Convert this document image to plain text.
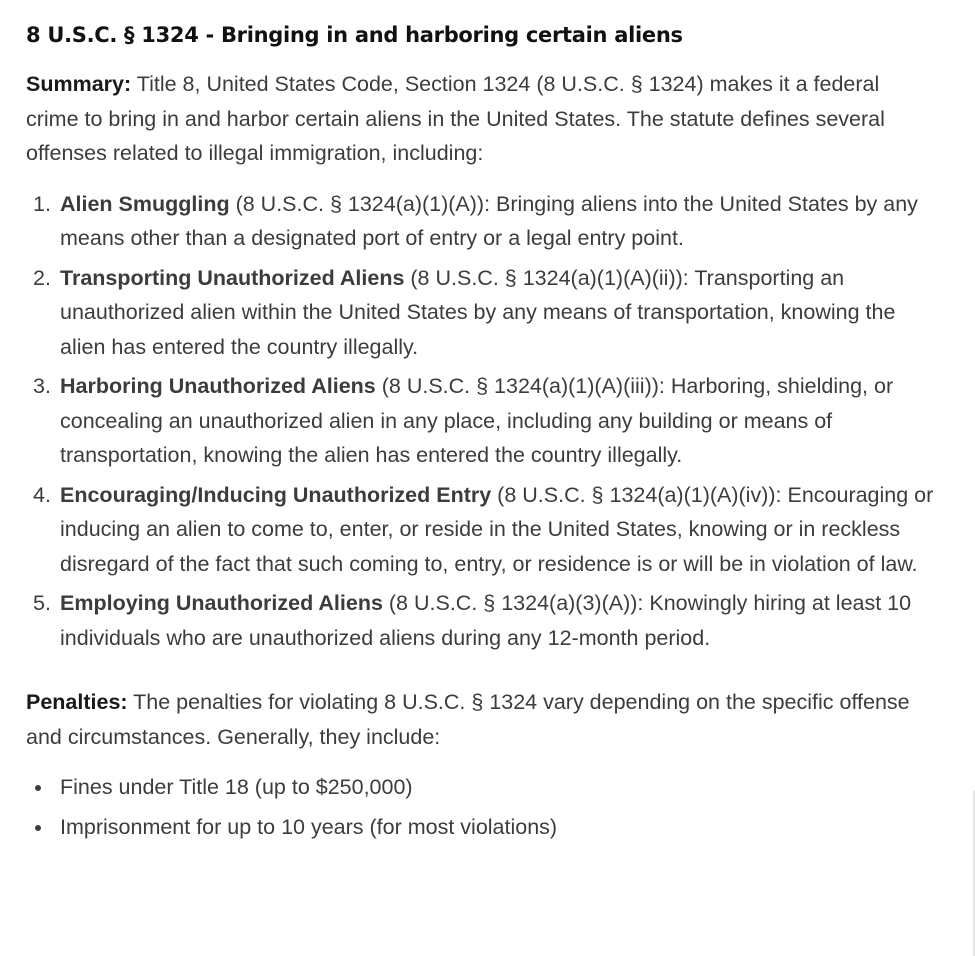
8 U.S.C. § 1324 - Bringing in and harboring certain aliens

Summary: Title 8, United States Code, Section 1324 (8 U.S.C. § 1324) makes it a federal crime to bring in and harbor certain aliens in the United States. The statute defines several offenses related to illegal immigration, including:

1. Alien Smuggling (8 U.S.C. § 1324(a)(1)(A)): Bringing aliens into the United States by any means other than a designated port of entry or a legal entry point.
2. Transporting Unauthorized Aliens (8 U.S.C. § 1324(a)(1)(A)(ii)): Transporting an unauthorized alien within the United States by any means of transportation, knowing the alien has entered the country illegally.
3. Harboring Unauthorized Aliens (8 U.S.C. § 1324(a)(1)(A)(iii)): Harboring, shielding, or concealing an unauthorized alien in any place, including any building or means of transportation, knowing the alien has entered the country illegally.
4. Encouraging/Inducing Unauthorized Entry (8 U.S.C. § 1324(a)(1)(A)(iv)): Encouraging or inducing an alien to come to, enter, or reside in the United States, knowing or in reckless disregard of the fact that such coming to, entry, or residence is or will be in violation of law.
5. Employing Unauthorized Aliens (8 U.S.C. § 1324(a)(3)(A)): Knowingly hiring at least 10 individuals who are unauthorized aliens during any 12-month period.

Penalties: The penalties for violating 8 U.S.C. § 1324 vary depending on the specific offense and circumstances. Generally, they include:

Fines under Title 18 (up to $250,000)
Imprisonment for up to 10 years (for most violations)
